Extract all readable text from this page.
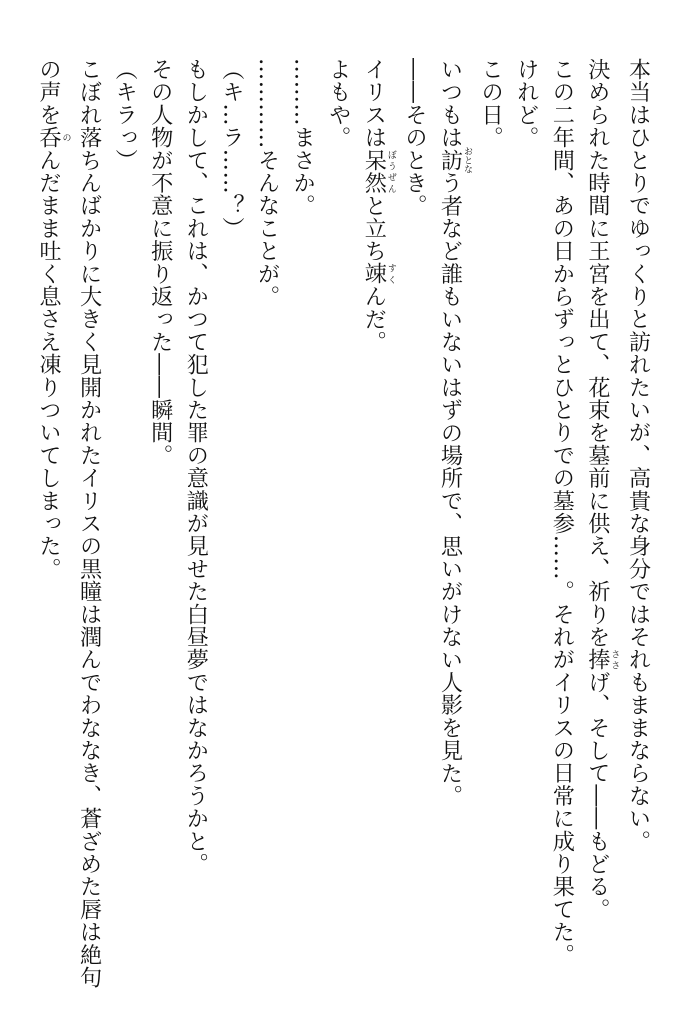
本当はひとりでゆっくりと訪れたいが、高貴な身分ではそれもままならない。
決められた時間に王宮を出て、花束を墓前に供え、祈りを捧 ささげ、そして――もどる。
この二年間、あの日からずっとひとりでの墓参……。それがイリスの日常に成り果てた。
けれど。
この日。
いつもは訪 おとなう者など誰もいないはずの場所で、思いがけない人影を見た。
――そのとき。
イリスは呆然 ぼうぜんと立ち竦 すくんだ。
よもや。
………まさか。
…………そんなことが。
（キ…ラ……？）
もしかして、これは、かつて犯した罪の意識が見せた白昼夢ではなかろうかと。
その人物が不意に振り返った――瞬間。
（キラっ）
こぼれ落ちんばかりに大きく見開かれたイリスの黒瞳は潤んでわななき、蒼ざめた唇は絶句
の声を呑 のんだまま吐く息さえ凍りついてしまった。
